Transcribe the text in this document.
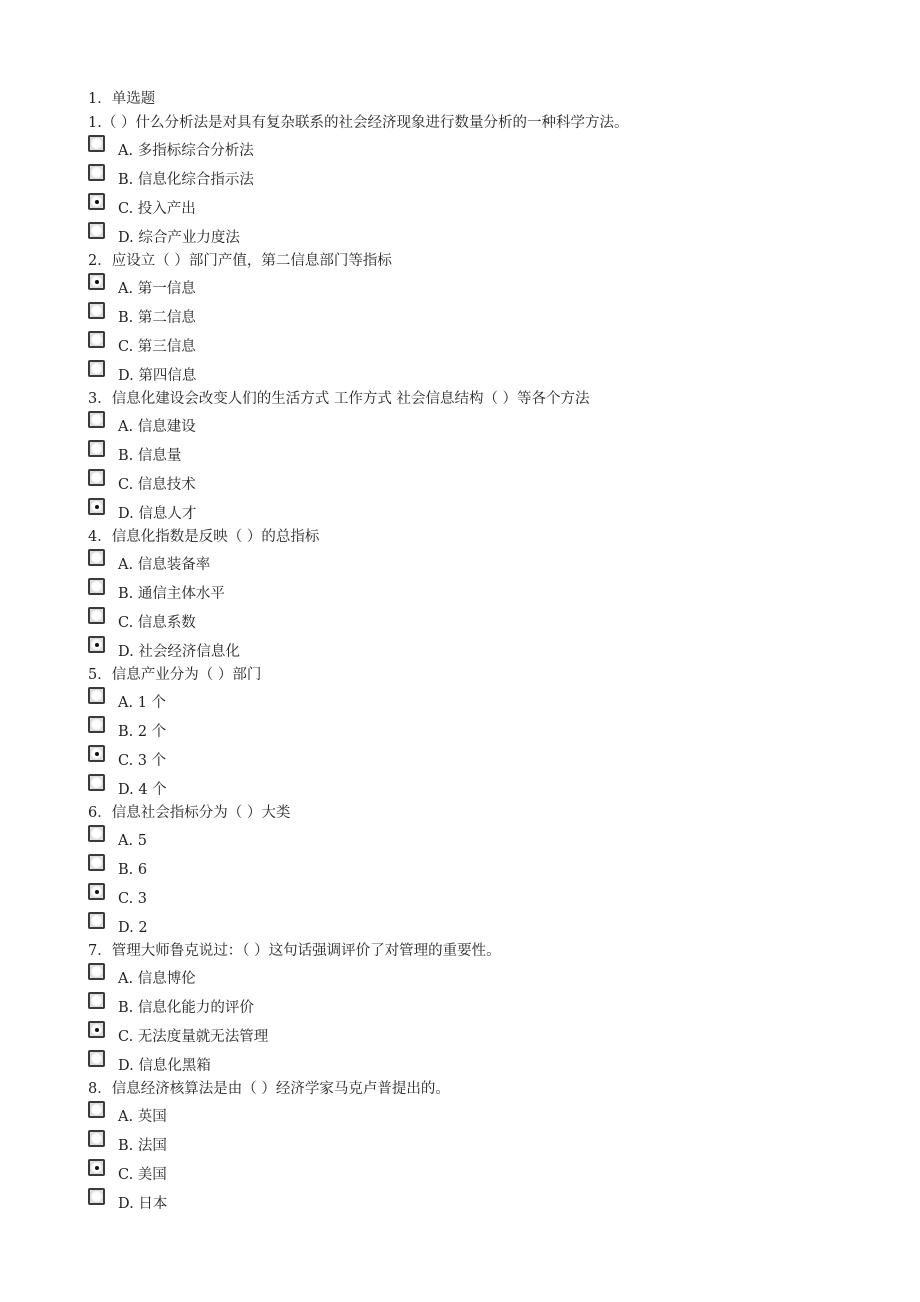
1．单选题
1.（ ）什么分析法是对具有复杂联系的社会经济现象进行数量分析的一种科学方法。
A. 多指标综合分析法
B. 信息化综合指示法
C. 投入产出
D. 综合产业力度法
2．应设立（ ）部门产值，第二信息部门等指标
A. 第一信息
B. 第二信息
C. 第三信息
D. 第四信息
3．信息化建设会改变人们的生活方式 工作方式 社会信息结构（ ）等各个方法
A. 信息建设
B. 信息量
C. 信息技术
D. 信息人才
4．信息化指数是反映（ ）的总指标
A. 信息装备率
B. 通信主体水平
C. 信息系数
D. 社会经济信息化
5．信息产业分为（ ）部门
A. 1 个
B. 2 个
C. 3 个
D. 4 个
6．信息社会指标分为（ ）大类
A. 5
B. 6
C. 3
D. 2
7．管理大师鲁克说过：（ ）这句话强调评价了对管理的重要性。
A. 信息博伦
B. 信息化能力的评价
C. 无法度量就无法管理
D. 信息化黑箱
8．信息经济核算法是由（ ）经济学家马克卢普提出的。
A. 英国
B. 法国
C. 美国
D. 日本
